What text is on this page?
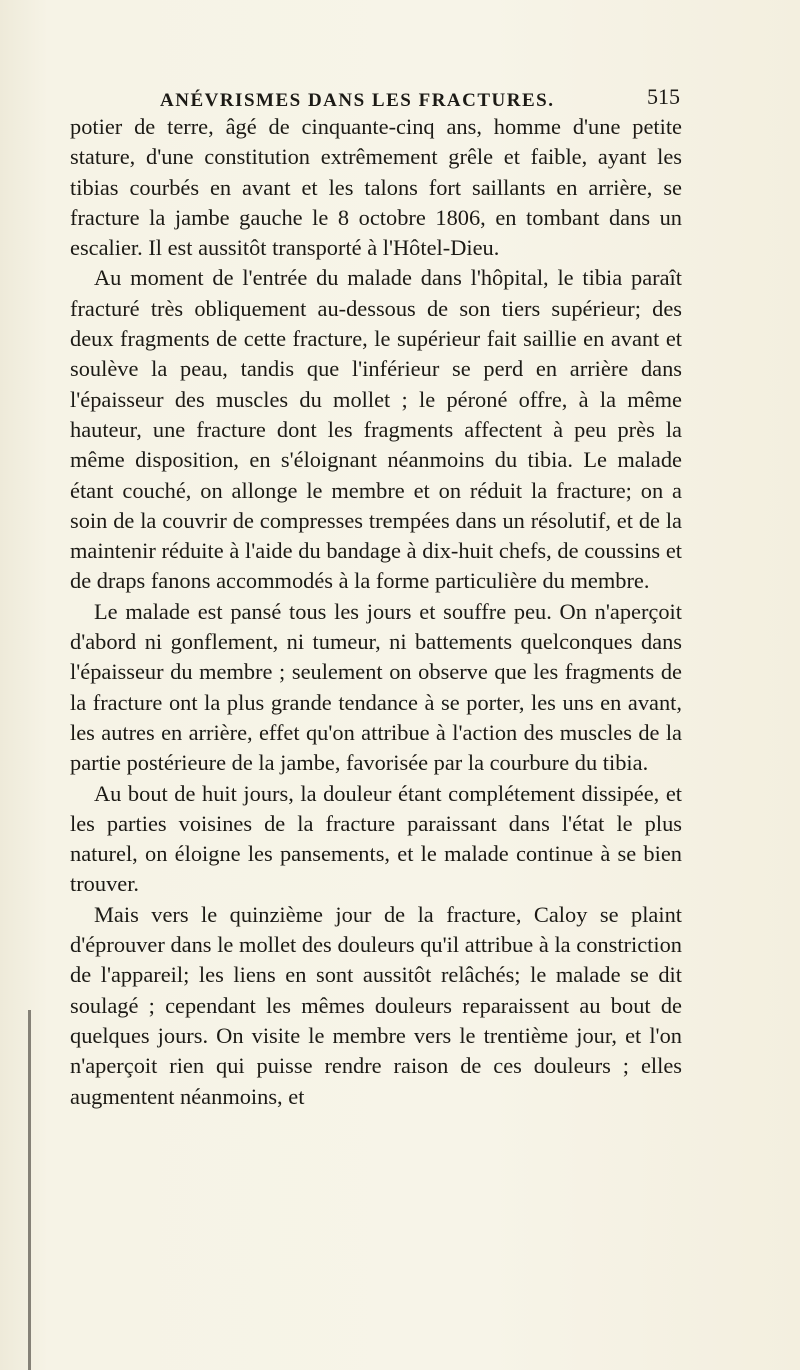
ANÉVRISMES DANS LES FRACTURES.	515

potier de terre, âgé de cinquante-cinq ans, homme d'une petite stature, d'une constitution extrêmement grêle et faible, ayant les tibias courbés en avant et les talons fort saillants en arrière, se fracture la jambe gauche le 8 octobre 1806, en tombant dans un escalier. Il est aussitôt transporté à l'Hôtel-Dieu.

Au moment de l'entrée du malade dans l'hôpital, le tibia paraît fracturé très obliquement au-dessous de son tiers supérieur; des deux fragments de cette fracture, le supérieur fait saillie en avant et soulève la peau, tandis que l'inférieur se perd en arrière dans l'épaisseur des muscles du mollet ; le péroné offre, à la même hauteur, une fracture dont les fragments affectent à peu près la même disposition, en s'éloignant néanmoins du tibia. Le malade étant couché, on allonge le membre et on réduit la fracture; on a soin de la couvrir de compresses trempées dans un résolutif, et de la maintenir réduite à l'aide du bandage à dix-huit chefs, de coussins et de draps fanons accommodés à la forme particulière du membre.

Le malade est pansé tous les jours et souffre peu. On n'aperçoit d'abord ni gonflement, ni tumeur, ni battements quelconques dans l'épaisseur du membre ; seulement on observe que les fragments de la fracture ont la plus grande tendance à se porter, les uns en avant, les autres en arrière, effet qu'on attribue à l'action des muscles de la partie postérieure de la jambe, favorisée par la courbure du tibia.

Au bout de huit jours, la douleur étant complétement dissipée, et les parties voisines de la fracture paraissant dans l'état le plus naturel, on éloigne les pansements, et le malade continue à se bien trouver.

Mais vers le quinzième jour de la fracture, Caloy se plaint d'éprouver dans le mollet des douleurs qu'il attribue à la constriction de l'appareil; les liens en sont aussitôt relâchés; le malade se dit soulagé ; cependant les mêmes douleurs reparaissent au bout de quelques jours. On visite le membre vers le trentième jour, et l'on n'aperçoit rien qui puisse rendre raison de ces douleurs ; elles augmentent néanmoins, et
